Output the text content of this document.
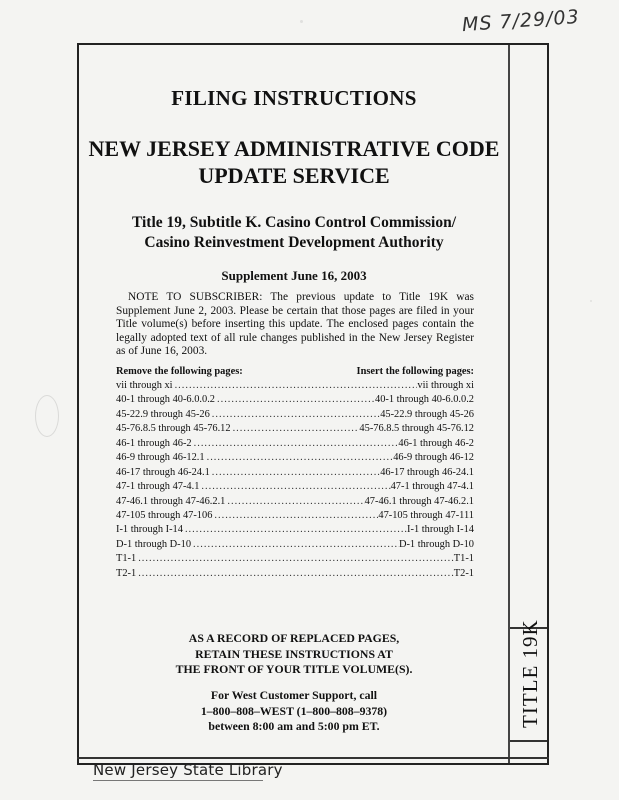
MS 7/29/03
TITLE 19K
FILING INSTRUCTIONS
NEW JERSEY ADMINISTRATIVE CODE
UPDATE SERVICE
Title 19, Subtitle K. Casino Control Commission/
Casino Reinvestment Development Authority
Supplement June 16, 2003
NOTE TO SUBSCRIBER: The previous update to Title 19K was Supplement June 2, 2003. Please be certain that those pages are filed in your Title volume(s) before inserting this update. The enclosed pages contain the legally adopted text of all rule changes published in the New Jersey Register as of June 16, 2003.
Remove the following pages:	Insert the following pages:
vii through xi .....	vii through xi
40-1 through 40-6.0.0.2 .....	40-1 through 40-6.0.0.2
45-22.9 through 45-26 .....	45-22.9 through 45-26
45-76.8.5 through 45-76.12 .....	45-76.8.5 through 45-76.12
46-1 through 46-2 .....	46-1 through 46-2
46-9 through 46-12.1 .....	46-9 through 46-12
46-17 through 46-24.1 .....	46-17 through 46-24.1
47-1 through 47-4.1 .....	47-1 through 47-4.1
47-46.1 through 47-46.2.1 .....	47-46.1 through 47-46.2.1
47-105 through 47-106 .....	47-105 through 47-111
I-1 through I-14 .....	I-1 through I-14
D-1 through D-10 .....	D-1 through D-10
T1-1 .....	T1-1
T2-1 .....	T2-1
AS A RECORD OF REPLACED PAGES,
RETAIN THESE INSTRUCTIONS AT
THE FRONT OF YOUR TITLE VOLUME(S).
For West Customer Support, call
1–800–808–WEST (1–800–808–9378)
between 8:00 am and 5:00 pm ET.
New Jersey State Library
